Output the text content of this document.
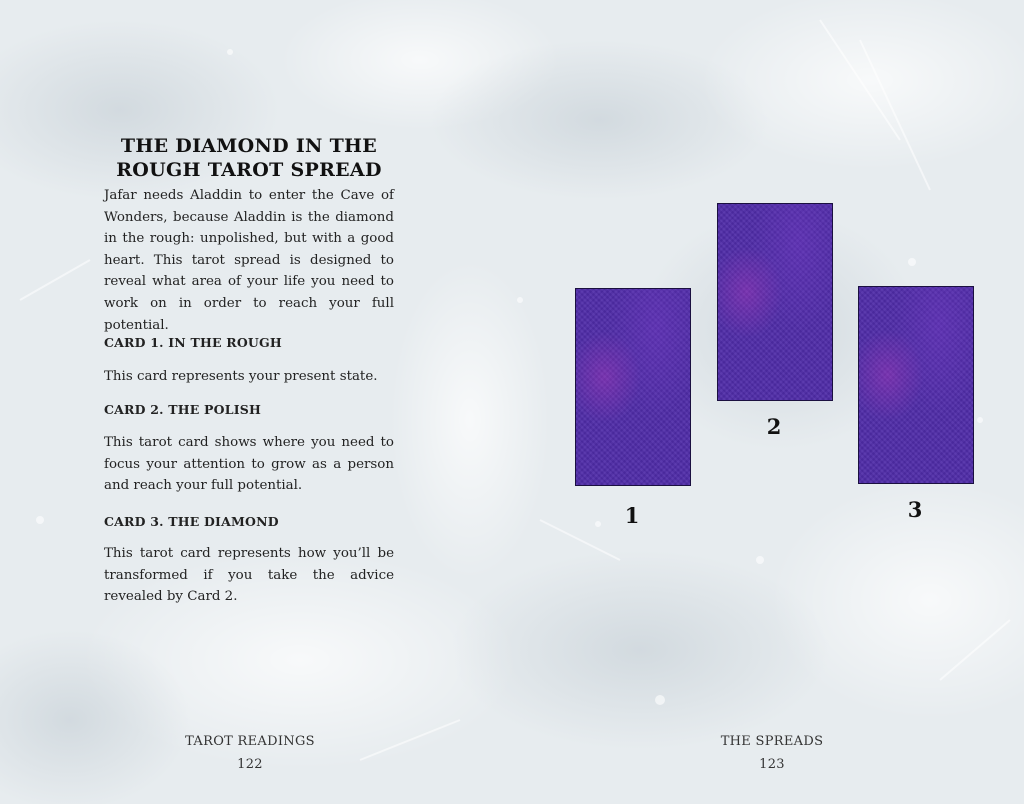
THE DIAMOND IN THE
ROUGH TAROT SPREAD

Jafar needs Aladdin to enter the Cave of Wonders, because Aladdin is the diamond in the rough: unpolished, but with a good heart. This tarot spread is designed to reveal what area of your life you need to work on in order to reach your full potential.

CARD 1. IN THE ROUGH

This card represents your present state.

CARD 2. THE POLISH

This tarot card shows where you need to focus your attention to grow as a person and reach your full potential.

CARD 3. THE DIAMOND

This tarot card represents how you’ll be transformed if you take the advice revealed by Card 2.

TAROT READINGS
122
1
2
3
THE SPREADS
123
